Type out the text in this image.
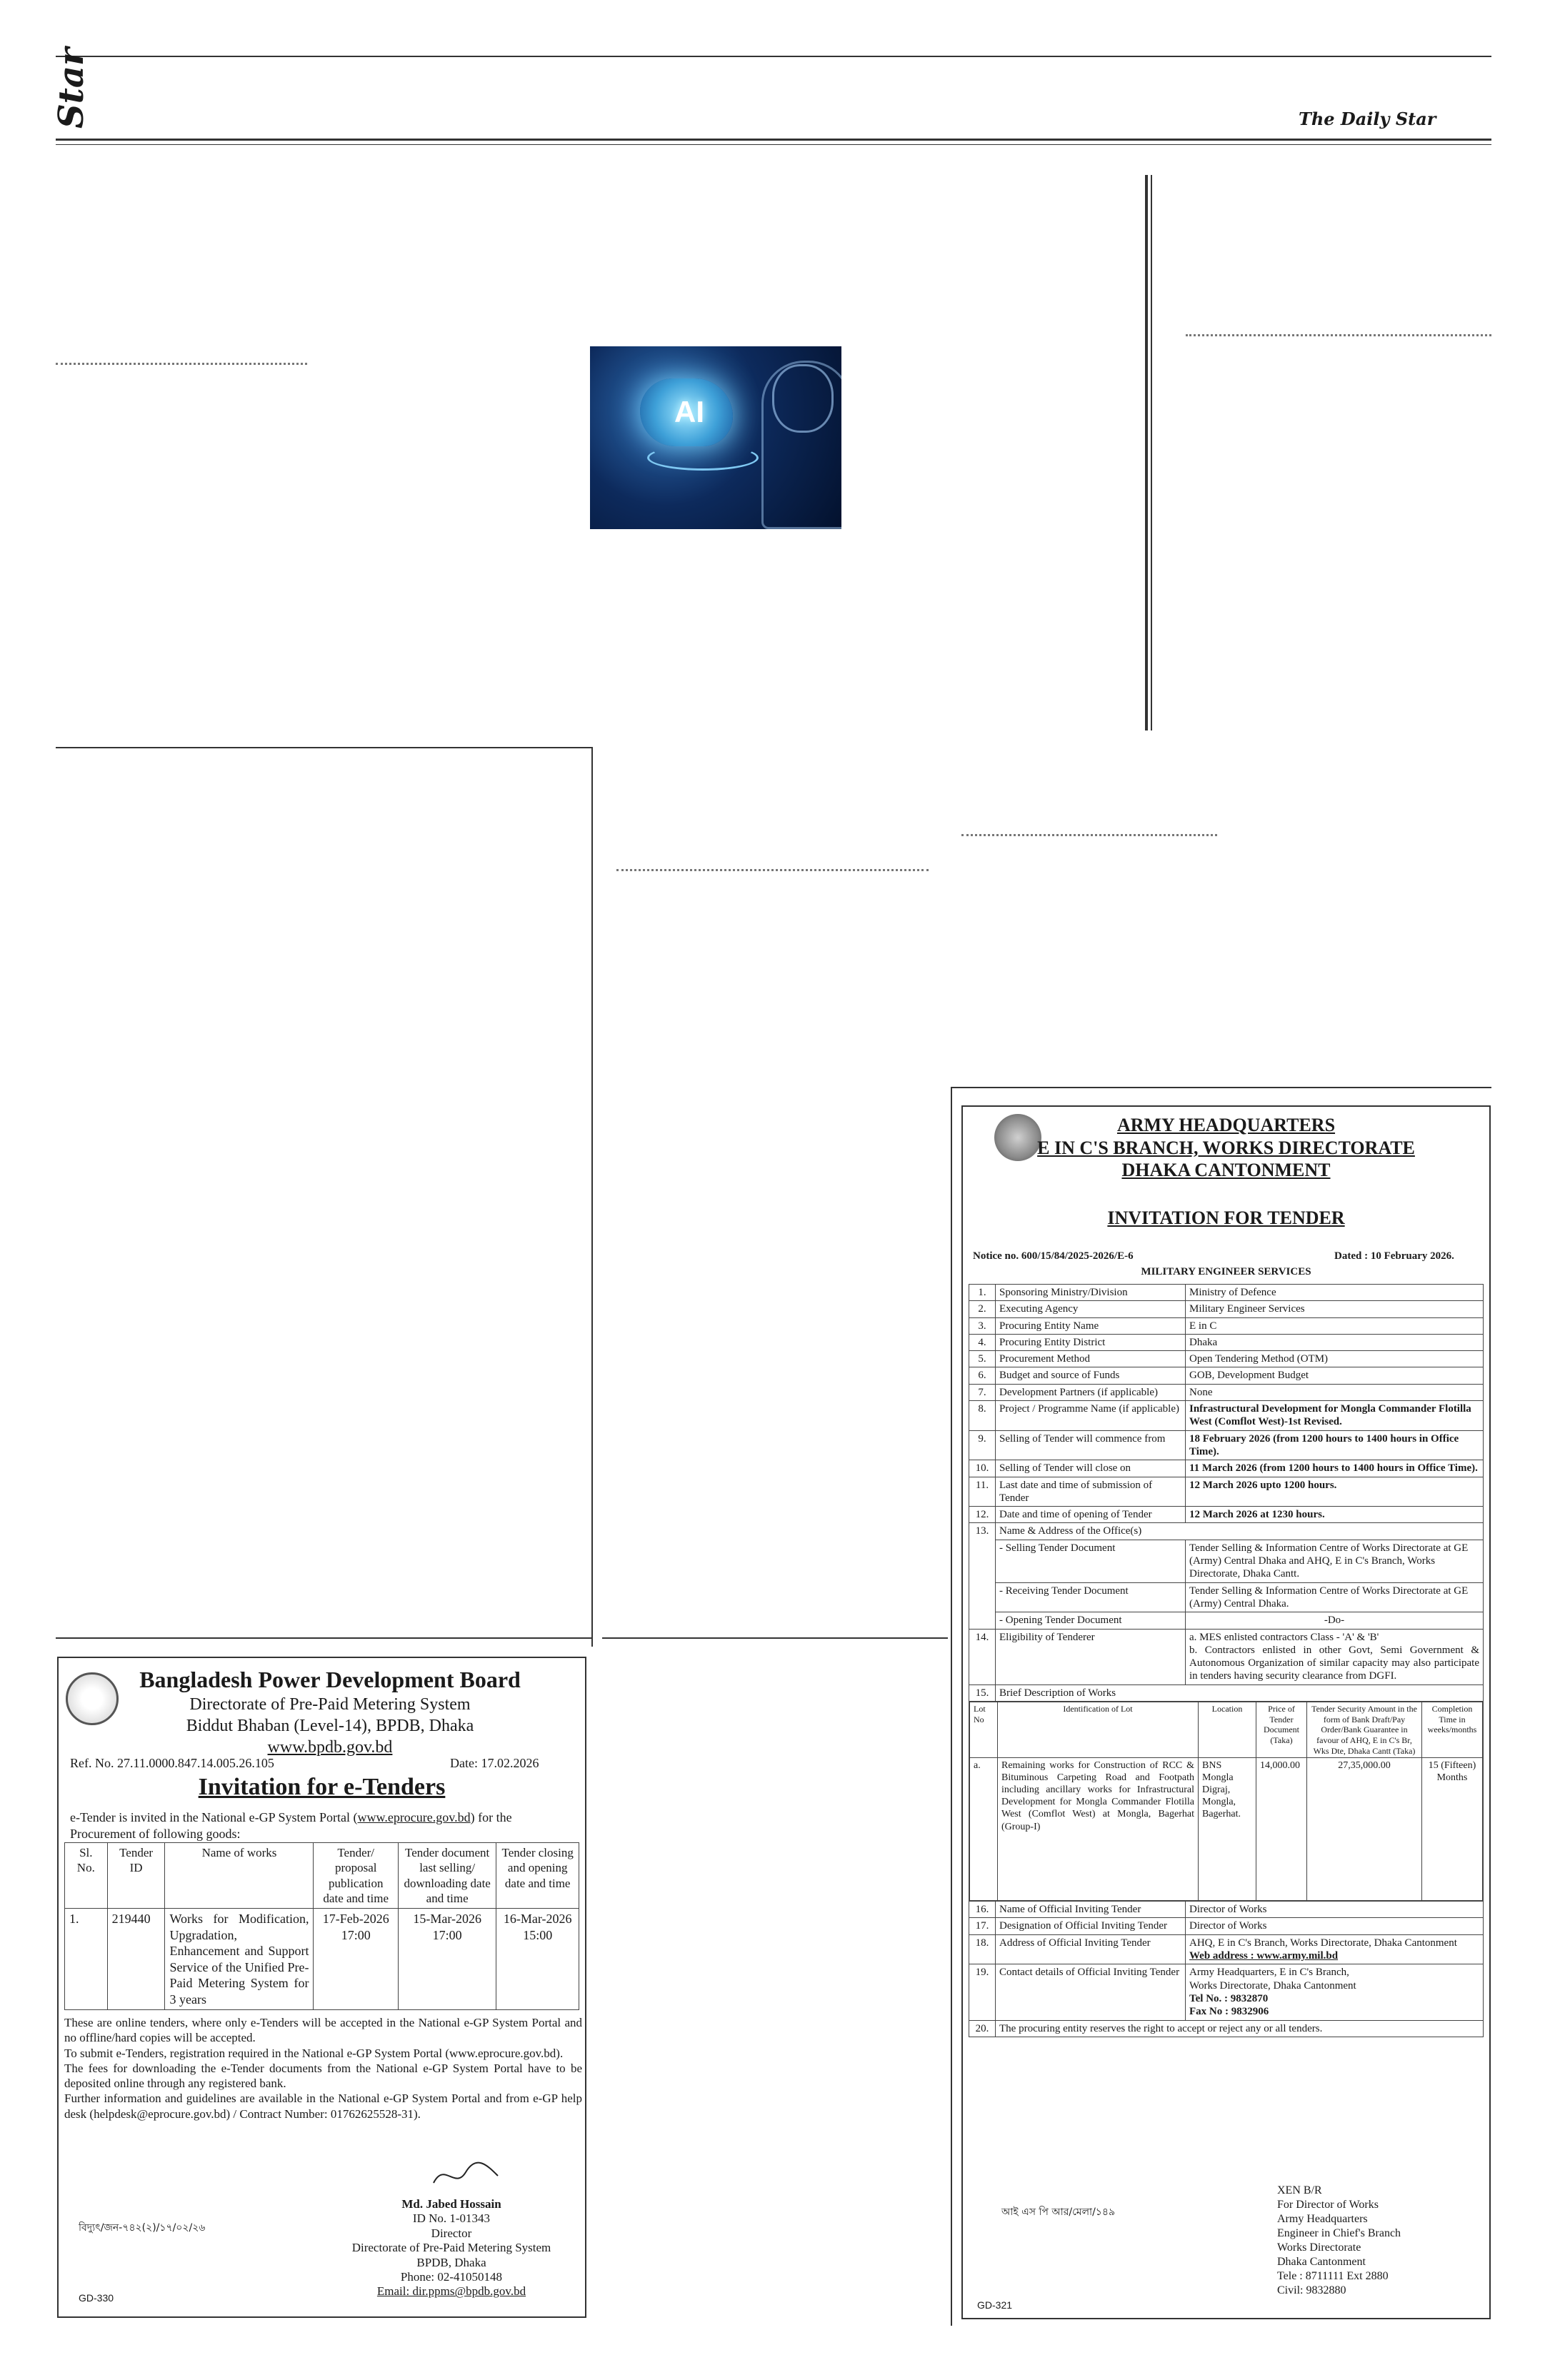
Star	The Daily Star
AI
Bangladesh Power Development Board
Directorate of Pre-Paid Metering System
Biddut Bhaban (Level-14), BPDB, Dhaka
www.bpdb.gov.bd
Ref. No. 27.11.0000.847.14.005.26.105	Date: 17.02.2026
Invitation for e-Tenders
e-Tender is invited in the National e-GP System Portal (www.eprocure.gov.bd) for the Procurement of following goods:
Sl. No.	Tender ID	Name of works	Tender/ proposal publication date and time	Tender document last selling/ downloading date and time	Tender closing and opening date and time
1.	219440	Works for Modification, Upgradation, Enhancement and Support Service of the Unified Pre-Paid Metering System for 3 years	17-Feb-2026 17:00	15-Mar-2026 17:00	16-Mar-2026 15:00
These are online tenders, where only e-Tenders will be accepted in the National e-GP System Portal and no offline/hard copies will be accepted.
To submit e-Tenders, registration required in the National e-GP System Portal (www.eprocure.gov.bd).
The fees for downloading the e-Tender documents from the National e-GP System Portal have to be deposited online through any registered bank.
Further information and guidelines are available in the National e-GP System Portal and from e-GP help desk (helpdesk@eprocure.gov.bd) / Contract Number: 01762625528-31).
বিদ্যুৎ/জন-৭৪২(২)/১৭/০২/২৬
Md. Jabed Hossain
ID No. 1-01343
Director
Directorate of Pre-Paid Metering System
BPDB, Dhaka
Phone: 02-41050148
Email: dir.ppms@bpdb.gov.bd
GD-330
ARMY HEADQUARTERS
E IN C'S BRANCH, WORKS DIRECTORATE
DHAKA CANTONMENT
INVITATION FOR TENDER
Notice no. 600/15/84/2025-2026/E-6	Dated : 10 February 2026.
MILITARY ENGINEER SERVICES
1.	Sponsoring Ministry/Division	Ministry of Defence
2.	Executing Agency	Military Engineer Services
3.	Procuring Entity Name	E in C
4.	Procuring Entity District	Dhaka
5.	Procurement Method	Open Tendering Method (OTM)
6.	Budget and source of Funds	GOB, Development Budget
7.	Development Partners (if applicable)	None
8.	Project / Programme Name (if applicable)	Infrastructural Development for Mongla Commander Flotilla West (Comflot West)-1st Revised.
9.	Selling of Tender will commence from	18 February 2026 (from 1200 hours to 1400 hours in Office Time).
10.	Selling of Tender will close on	11 March 2026 (from 1200 hours to 1400 hours in Office Time).
11.	Last date and time of submission of Tender	12 March 2026 upto 1200 hours.
12.	Date and time of opening of Tender	12 March 2026 at 1230 hours.
13.	Name & Address of the Office(s)
- Selling Tender Document	Tender Selling & Information Centre of Works Directorate at GE (Army) Central Dhaka and AHQ, E in C's Branch, Works Directorate, Dhaka Cantt.
- Receiving Tender Document	Tender Selling & Information Centre of Works Directorate at GE (Army) Central Dhaka.
- Opening Tender Document	-Do-
14.	Eligibility of Tenderer	a. MES enlisted contractors Class - 'A' & 'B'
b. Contractors enlisted in other Govt, Semi Government & Autonomous Organization of similar capacity may also participate in tenders having security clearance from DGFI.

15.	Brief Description of Works

Lot No	Identification of Lot	Location	Price of Tender Document (Taka)	Tender Security Amount in the form of Bank Draft/Pay Order/Bank Guarantee in favour of AHQ, E in C's Br, Wks Dte, Dhaka Cantt (Taka)	Completion Time in weeks/months
a.	Remaining works for Construction of RCC & Bituminous Carpeting Road and Footpath including ancillary works for Infrastructural Development for Mongla Commander Flotilla West (Comflot West) at Mongla, Bagerhat (Group-I)	BNS Mongla Digraj, Mongla, Bagerhat.	14,000.00	27,35,000.00	15 (Fifteen) Months

16.	Name of Official Inviting Tender	Director of Works
17.	Designation of Official Inviting Tender	Director of Works
18.	Address of Official Inviting Tender	AHQ, E in C's Branch, Works Directorate, Dhaka Cantonment
Web address : www.army.mil.bd

19.	Contact details of Official Inviting Tender	Army Headquarters, E in C's Branch,
Works Directorate, Dhaka Cantonment
Tel No. : 9832870
Fax No : 9832906

20.	The procuring entity reserves the right to accept or reject any or all tenders.
আই এস পি আর/মেলা/১৪৯
XEN B/R
For Director of Works
Army Headquarters
Engineer in Chief's Branch
Works Directorate
Dhaka Cantonment
Tele : 8711111 Ext 2880
Civil: 9832880
GD-321
